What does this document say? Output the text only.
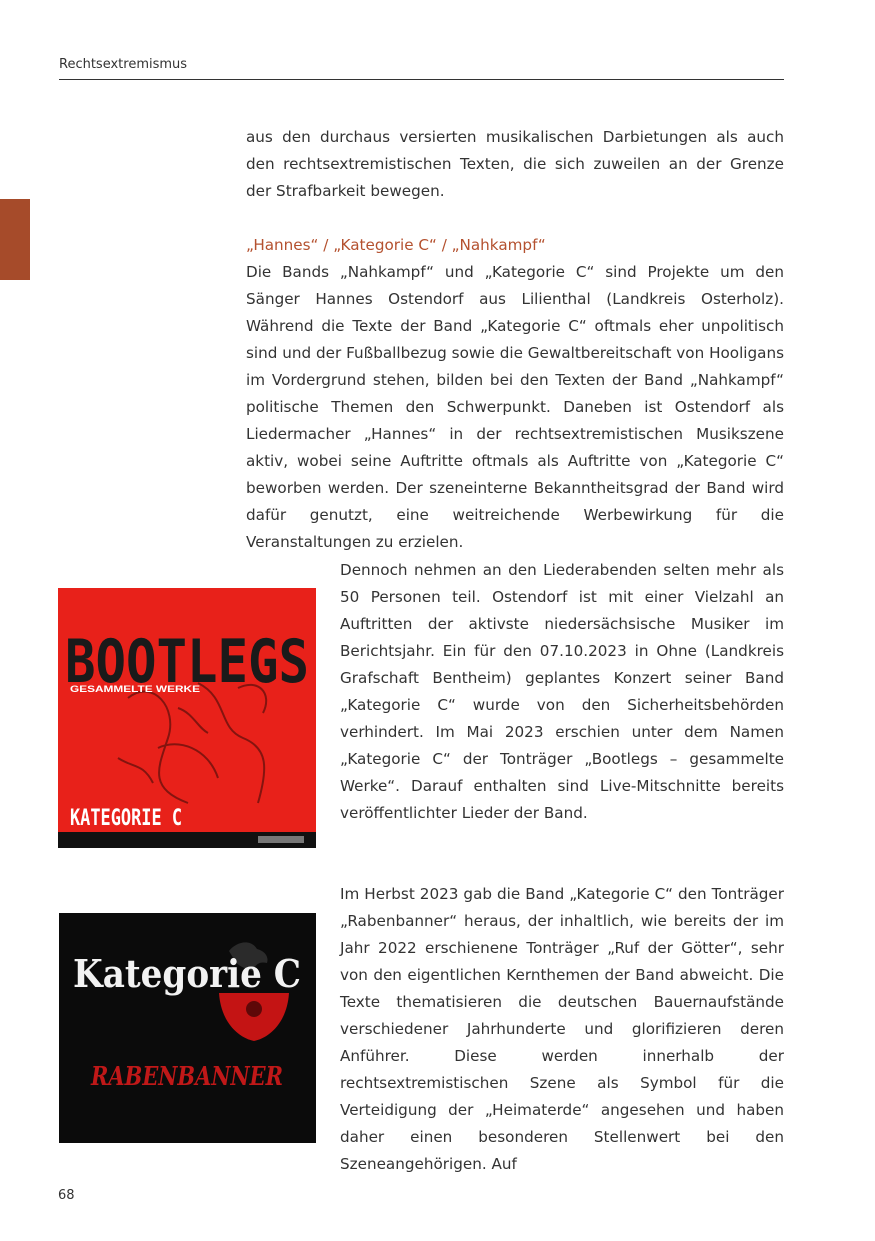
Rechtsextremismus

aus den durchaus versierten musikalischen Darbietungen als auch den rechtsextremistischen Texten, die sich zuweilen an der Grenze der Strafbarkeit bewegen.

„Hannes“ / „Kategorie C“ / „Nahkampf“

Die Bands „Nahkampf“ und „Kategorie C“ sind Projekte um den Sänger Hannes Ostendorf aus Lilienthal (Landkreis Osterholz). Während die Texte der Band „Kategorie C“ oftmals eher unpolitisch sind und der Fußballbezug sowie die Gewaltbereitschaft von Hooligans im Vordergrund stehen, bilden bei den Texten der Band „Nahkampf“ politische Themen den Schwerpunkt. Daneben ist Ostendorf als Liedermacher „Hannes“ in der rechtsextremistischen Musikszene aktiv, wobei seine Auftritte oftmals als Auftritte von „Kategorie C“ beworben werden. Der szeneinterne Bekanntheitsgrad der Band wird dafür genutzt, eine weitreichende Werbewirkung für die Veranstaltungen zu erzielen.

Dennoch nehmen an den Liederabenden selten mehr als 50 Personen teil. Ostendorf ist mit einer Vielzahl an Auftritten der aktivste niedersächsische Musiker im Berichtsjahr. Ein für den 07.10.2023 in Ohne (Landkreis Grafschaft Bentheim) geplantes Konzert seiner Band „Kategorie C“ wurde von den Sicherheitsbehörden verhindert. Im Mai 2023 erschien unter dem Namen „Kategorie C“ der Tonträger „Bootlegs – gesammelte Werke“. Darauf enthalten sind Live-Mitschnitte bereits veröffentlichter Lieder der Band.

Im Herbst 2023 gab die Band „Kategorie C“ den Tonträger „Rabenbanner“ heraus, der inhaltlich, wie bereits der im Jahr 2022 erschienene Tonträger „Ruf der Götter“, sehr von den eigentlichen Kernthemen der Band abweicht. Die Texte thematisieren die deutschen Bauernaufstände verschiedener Jahrhunderte und glorifizieren deren Anführer. Diese werden innerhalb der rechtsextremistischen Szene als Symbol für die Verteidigung der „Heimaterde“ angesehen und haben daher einen besonderen Stellenwert bei den Szeneangehörigen. Auf

BOOTLEGS
GESAMMELTE WERKE
KATEGORIE C
Kategorie C
RABENBANNER
68
